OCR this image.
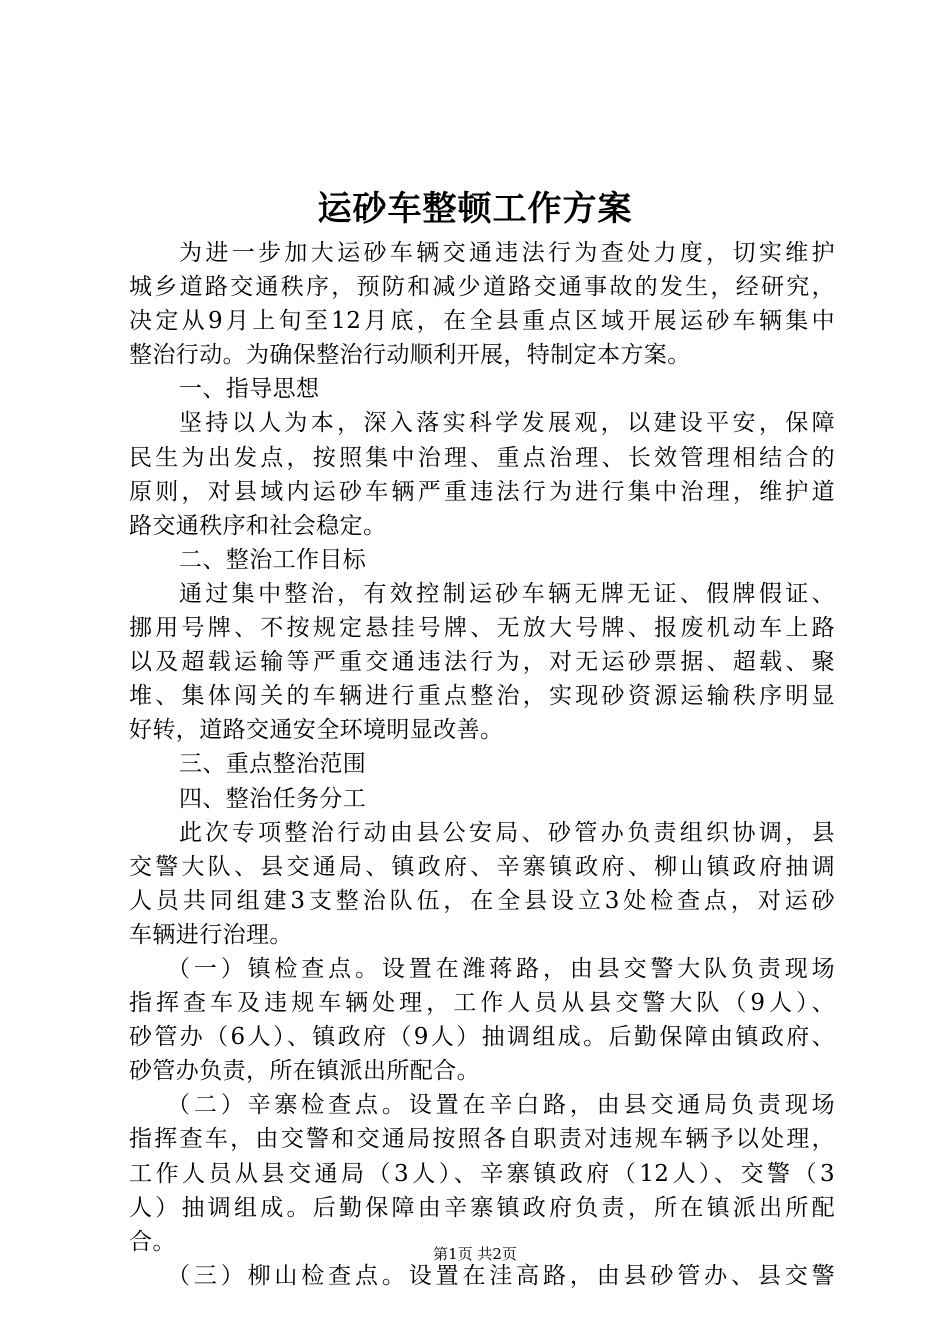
运砂车整顿工作方案
为进一步加大运砂车辆交通违法行为查处力度，切实维护
城乡道路交通秩序，预防和减少道路交通事故的发生，经研究，
决定从9月上旬至12月底，在全县重点区域开展运砂车辆集中
整治行动。为确保整治行动顺利开展，特制定本方案。
一、指导思想
坚持以人为本，深入落实科学发展观，以建设平安，保障
民生为出发点，按照集中治理、重点治理、长效管理相结合的
原则，对县域内运砂车辆严重违法行为进行集中治理，维护道
路交通秩序和社会稳定。
二、整治工作目标
通过集中整治，有效控制运砂车辆无牌无证、假牌假证、
挪用号牌、不按规定悬挂号牌、无放大号牌、报废机动车上路
以及超载运输等严重交通违法行为，对无运砂票据、超载、聚
堆、集体闯关的车辆进行重点整治，实现砂资源运输秩序明显
好转，道路交通安全环境明显改善。
三、重点整治范围
四、整治任务分工
此次专项整治行动由县公安局、砂管办负责组织协调，县
交警大队、县交通局、镇政府、辛寨镇政府、柳山镇政府抽调
人员共同组建3支整治队伍，在全县设立3处检查点，对运砂
车辆进行治理。
（一）镇检查点。设置在潍蒋路，由县交警大队负责现场
指挥查车及违规车辆处理，工作人员从县交警大队（9人）、
砂管办（6人）、镇政府（9人）抽调组成。后勤保障由镇政府、
砂管办负责，所在镇派出所配合。
（二）辛寨检查点。设置在辛白路，由县交通局负责现场
指挥查车，由交警和交通局按照各自职责对违规车辆予以处理，
工作人员从县交通局（3人）、辛寨镇政府（12人）、交警（3
人）抽调组成。后勤保障由辛寨镇政府负责，所在镇派出所配
合。
（三）柳山检查点。设置在洼高路，由县砂管办、县交警
第1页 共2页
